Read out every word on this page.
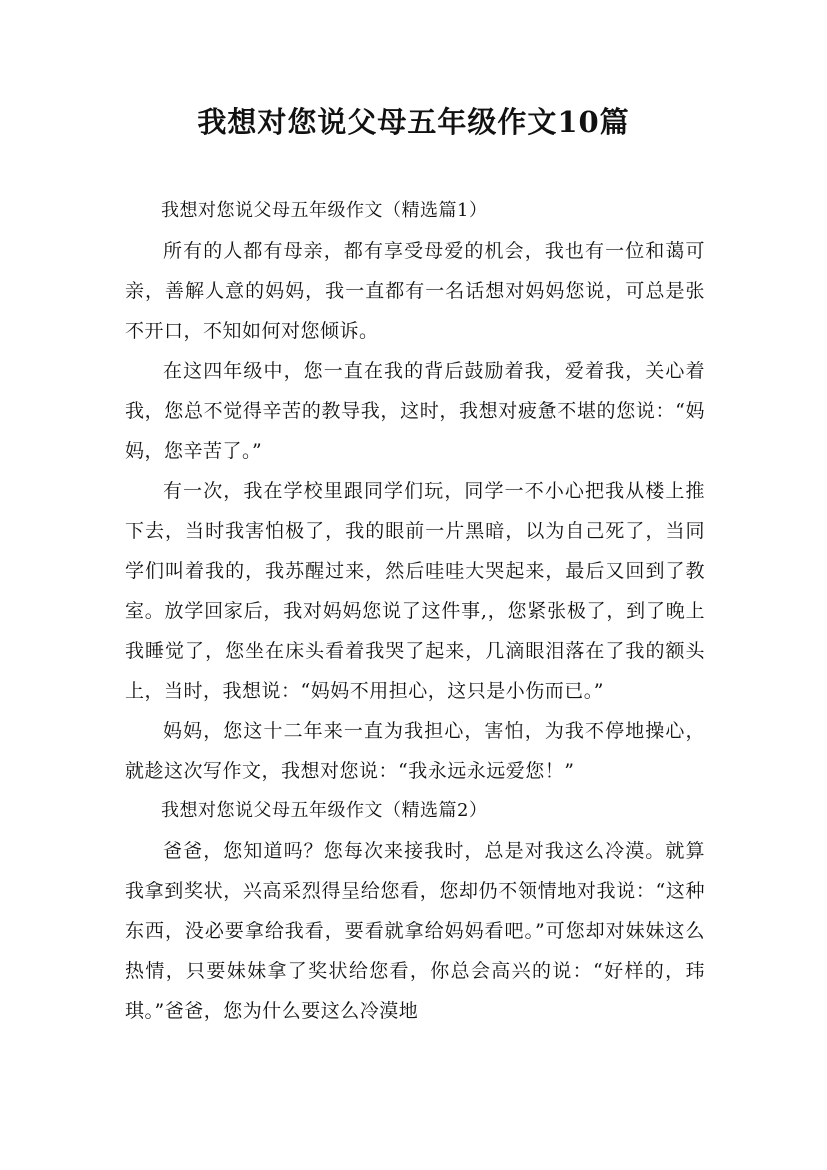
我想对您说父母五年级作文10篇

我想对您说父母五年级作文（精选篇1）

所有的人都有母亲，都有享受母爱的机会，我也有一位和蔼可亲，善解人意的妈妈，我一直都有一名话想对妈妈您说，可总是张不开口，不知如何对您倾诉。

在这四年级中，您一直在我的背后鼓励着我，爱着我，关心着我，您总不觉得辛苦的教导我，这时，我想对疲惫不堪的您说：“妈妈，您辛苦了。”

有一次，我在学校里跟同学们玩，同学一不小心把我从楼上推下去，当时我害怕极了，我的眼前一片黑暗，以为自己死了，当同学们叫着我的，我苏醒过来，然后哇哇大哭起来，最后又回到了教室。放学回家后，我对妈妈您说了这件事,，您紧张极了，到了晚上我睡觉了，您坐在床头看着我哭了起来，几滴眼泪落在了我的额头上，当时，我想说：“妈妈不用担心，这只是小伤而已。”

妈妈，您这十二年来一直为我担心，害怕，为我不停地操心，就趁这次写作文，我想对您说：“我永远永远爱您！”

我想对您说父母五年级作文（精选篇2）

爸爸，您知道吗？您每次来接我时，总是对我这么冷漠。就算我拿到奖状，兴高采烈得呈给您看，您却仍不领情地对我说：“这种东西，没必要拿给我看，要看就拿给妈妈看吧。”可您却对妹妹这么热情，只要妹妹拿了奖状给您看，你总会高兴的说：“好样的，玮琪。”爸爸，您为什么要这么冷漠地
